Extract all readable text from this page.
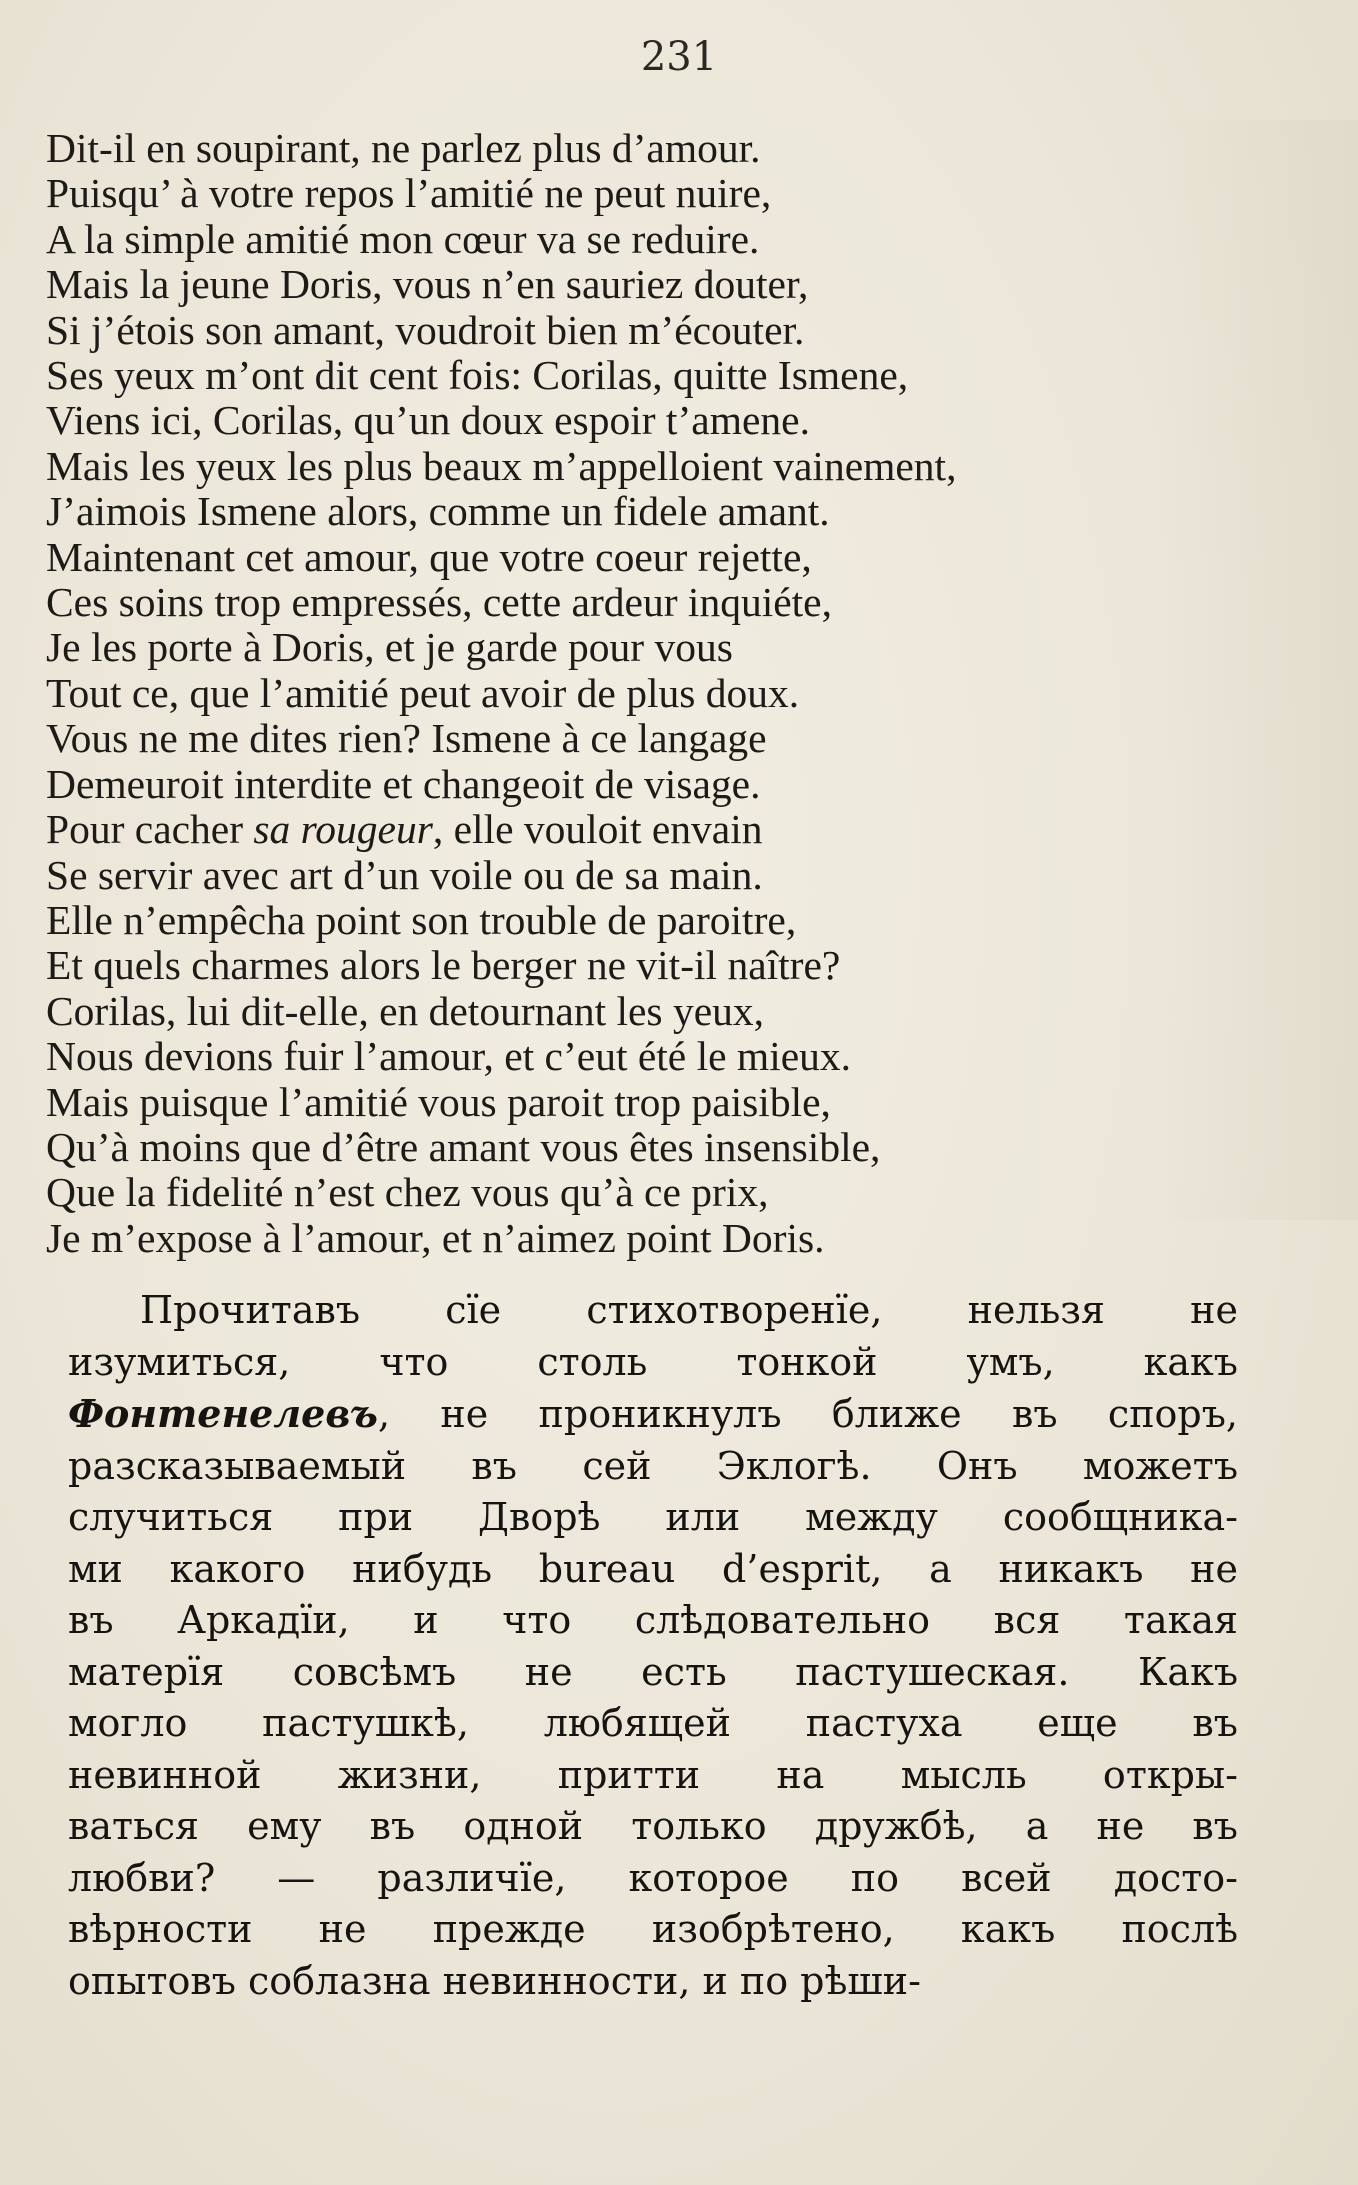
231
Dit-il en soupirant, ne parlez plus d’amour.
Puisqu’ à votre repos l’amitié ne peut nuire,
A la simple amitié mon cœur va se reduire.
Mais la jeune Doris, vous n’en sauriez douter,
Si j’étois son amant, voudroit bien m’écouter.
Ses yeux m’ont dit cent fois: Corilas, quitte Ismene,
Viens ici, Corilas, qu’un doux espoir t’amene.
Mais les yeux les plus beaux m’appelloient vainement,
J’aimois Ismene alors, comme un fidele amant.
Maintenant cet amour, que votre coeur rejette,
Ces soins trop empressés, cette ardeur inquiéte,
Je les porte à Doris, et je garde pour vous
Tout ce, que l’amitié peut avoir de plus doux.
Vous ne me dites rien? Ismene à ce langage
Demeuroit interdite et changeoit de visage.
Pour cacher sa rougeur, elle vouloit envain
Se servir avec art d’un voile ou de sa main.
Elle n’empêcha point son trouble de paroitre,
Et quels charmes alors le berger ne vit-il naître?
Corilas, lui dit-elle, en detournant les yeux,
Nous devions fuir l’amour, et c’eut été le mieux.
Mais puisque l’amitié vous paroit trop paisible,
Qu’à moins que d’être amant vous êtes insensible,
Que la fidelité n’est chez vous qu’à ce prix,
Je m’expose à l’amour, et n’aimez point Doris.
Прочитавъ сїе стихотворенїе, нельзя не
изумиться, что столь тонкой умъ, какъ
Фонтенелевъ, не проникнулъ ближе въ споръ,
разсказываемый въ сей Эклогѣ. Онъ можетъ
случиться при Дворѣ или между сообщника-
ми какого нибудь bureau d’esprit, а никакъ не
въ Аркадїи, и что слѣдовательно вся такая
матерїя совсѣмъ не есть пастушеская. Какъ
могло пастушкѣ, любящей пастуха еще въ
невинной жизни, притти на мысль откры-
ваться ему въ одной только дружбѣ, а не въ
любви? — различїе, которое по всей досто-
вѣрности не прежде изобрѣтено, какъ послѣ
опытовъ соблазна невинности, и по рѣши-
